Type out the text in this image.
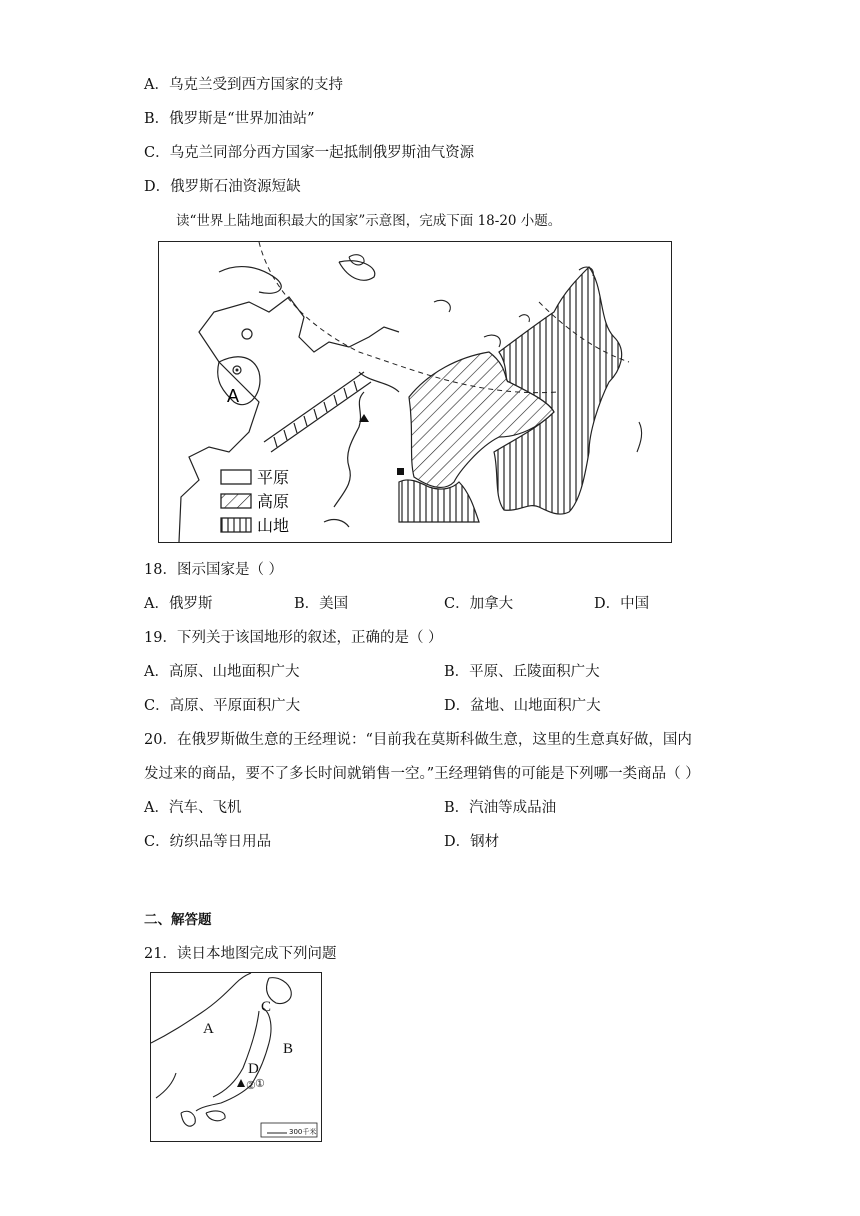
A．乌克兰受到西方国家的支持
B．俄罗斯是“世界加油站”
C．乌克兰同部分西方国家一起抵制俄罗斯油气资源
D．俄罗斯石油资源短缺
读“世界上陆地面积最大的国家”示意图，完成下面 18-20 小题。
A
平原
高原
山地
18．图示国家是（ ）
A．俄罗斯	B．美国	C．加拿大	D．中国
19．下列关于该国地形的叙述，正确的是（ ）
A．高原、山地面积广大	B．平原、丘陵面积广大
C．高原、平原面积广大	D．盆地、山地面积广大
20．在俄罗斯做生意的王经理说：“目前我在莫斯科做生意，这里的生意真好做，国内
发过来的商品，要不了多长时间就销售一空。”王经理销售的可能是下列哪一类商品（ ）
A．汽车、飞机	B．汽油等成品油
C．纺织品等日用品	D．钢材
二、解答题
21．读日本地图完成下列问题
A
B
C
D
①
②
300千米
